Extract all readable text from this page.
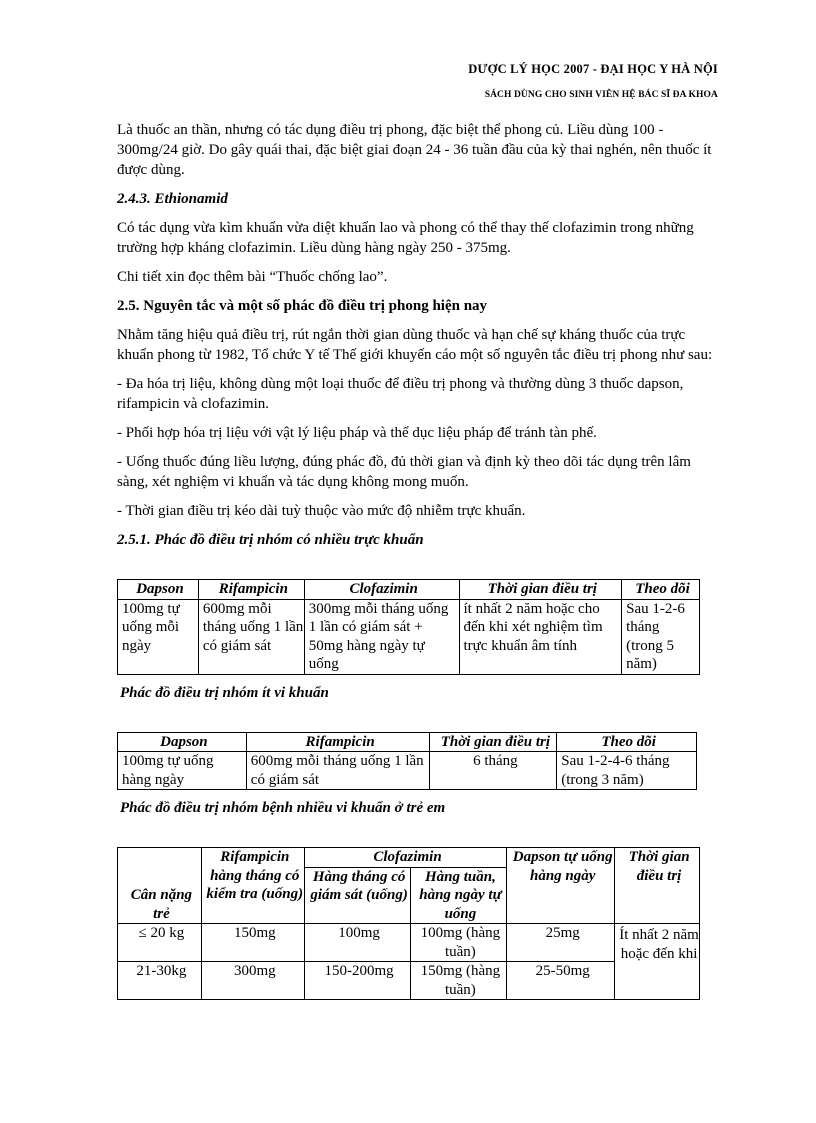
DƯỢC LÝ HỌC 2007 - ĐẠI HỌC Y HÀ NỘI
SÁCH DÙNG CHO SINH VIÊN HỆ BÁC SĨ ĐA KHOA

Là thuốc an thần, nhưng có tác dụng điều trị phong, đặc biệt thể phong củ. Liều dùng 100 - 300mg/24 giờ. Do gây quái thai, đặc biệt giai đoạn 24 - 36 tuần đầu của kỳ thai nghén, nên thuốc ít được dùng.

2.4.3. Ethionamid

Có tác dụng vừa kìm khuẩn vừa diệt khuẩn lao và phong có thể thay thế clofazimin trong những trường hợp kháng clofazimin. Liều dùng hàng ngày 250 - 375mg.

Chi tiết xin đọc thêm bài “Thuốc chống lao”.

2.5. Nguyên tắc và một số phác đồ điều trị phong hiện nay

Nhằm tăng hiệu quả điều trị, rút ngắn thời gian dùng thuốc và hạn chế sự kháng thuốc của trực khuẩn phong từ 1982, Tổ chức Y tế Thế giới khuyến cáo một số nguyên tắc điều trị phong như sau:

- Đa hóa trị liệu, không dùng một loại thuốc để điều trị phong và thường dùng 3 thuốc dapson, rifampicin và clofazimin.

- Phối hợp hóa trị liệu với vật lý liệu pháp và thể dục liệu pháp để tránh tàn phế.

- Uống thuốc đúng liều lượng, đúng phác đồ, đủ thời gian và định kỳ theo dõi tác dụng trên lâm sàng, xét nghiệm vi khuẩn và tác dụng không mong muốn.

- Thời gian điều trị kéo dài tuỳ thuộc vào mức độ nhiễm trực khuẩn.

2.5.1. Phác đồ điều trị nhóm có nhiều trực khuẩn

Dapson	Rifampicin	Clofazimin	Thời gian điều trị	Theo dõi
100mg tự uống mỗi ngày	600mg mỗi tháng uống 1 lần có giám sát	300mg mỗi tháng uống 1 lần có giám sát + 50mg hàng ngày tự uống	ít nhất 2 năm hoặc cho đến khi xét nghiệm tìm trực khuẩn âm tính	Sau 1-2-6 tháng (trong 5 năm)

Phác đồ điều trị nhóm ít vi khuẩn

Dapson	Rifampicin	Thời gian điều trị	Theo dõi
100mg tự uống hàng ngày	600mg mỗi tháng uống 1 lần có giám sát	6 tháng	Sau 1-2-4-6 tháng (trong 3 năm)

Phác đồ điều trị nhóm bệnh nhiều vi khuẩn ở trẻ em

Cân nặng trẻ	Rifampicin hàng tháng có kiểm tra (uống)	Clofazimin		Dapson tự uống hàng ngày	Thời gian điều trị
		Hàng tháng có giám sát (uống)	Hàng tuần, hàng ngày tự uống		
≤ 20 kg	150mg	100mg	100mg (hàng tuần)	25mg	Ít nhất 2 năm hoặc đến khi
21-30kg	300mg	150-200mg	150mg (hàng tuần)	25-50mg	
